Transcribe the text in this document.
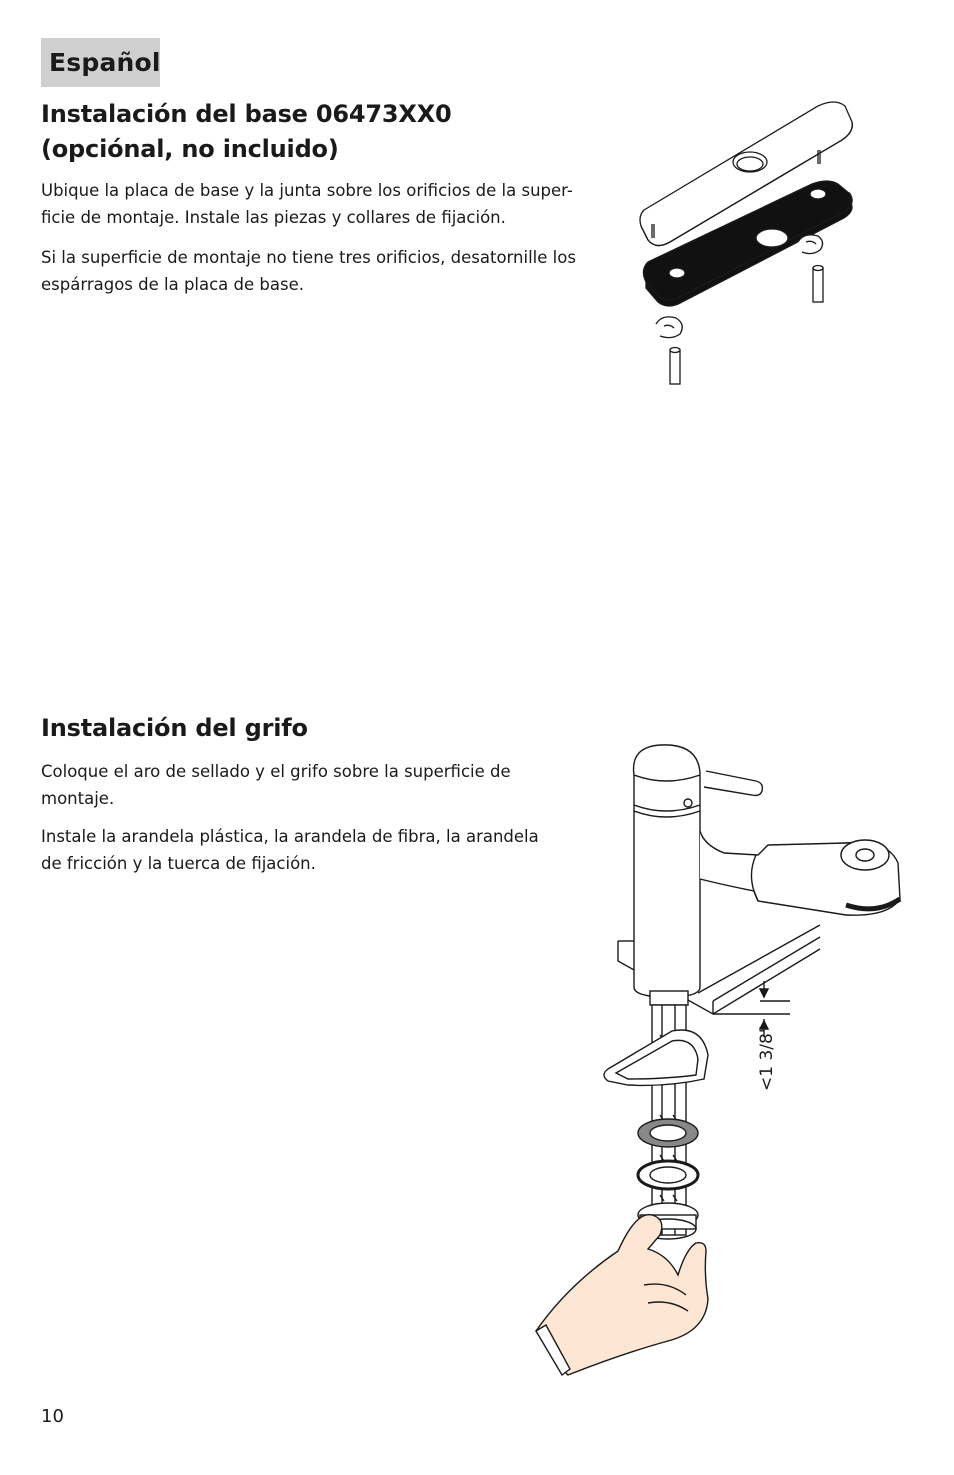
Español
Instalación del base 06473XX0
(opciónal, no incluido)

Ubique la placa de base y la junta sobre los orificios de la super-
ficie de montaje. Instale las piezas y collares de fijación.

Si la superficie de montaje no tiene tres orificios, desatornille los
espárragos de la placa de base.

Instalación del grifo

Coloque el aro de sellado y el grifo sobre la superficie de
montaje.

Instale la arandela plástica, la arandela de fibra, la arandela
de fricción y la tuerca de fijación.

<1 3/8"
10
